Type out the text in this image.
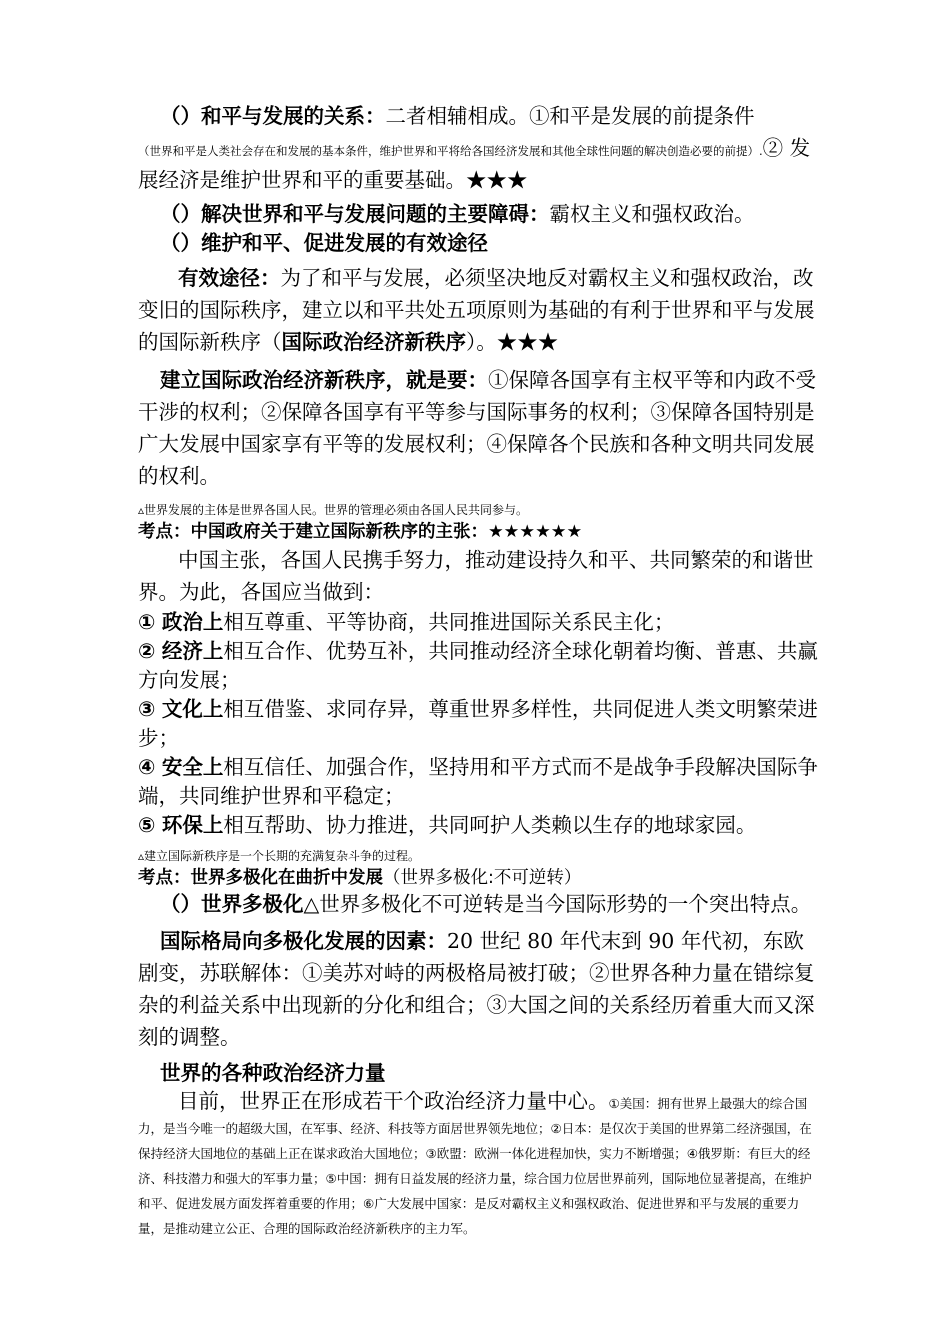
（）和平与发展的关系：二者相辅相成。①和平是发展的前提条件

（世界和平是人类社会存在和发展的基本条件，维护世界和平将给各国经济发展和其他全球性问题的解决创造必要的前提）.② 发展经济是维护世界和平的重要基础。★★★

（）解决世界和平与发展问题的主要障碍：霸权主义和强权政治。

（）维护和平、促进发展的有效途径

有效途径：为了和平与发展，必须坚决地反对霸权主义和强权政治，改变旧的国际秩序，建立以和平共处五项原则为基础的有利于世界和平与发展的国际新秩序（国际政治经济新秩序）。★★★

建立国际政治经济新秩序，就是要：①保障各国享有主权平等和内政不受干涉的权利；②保障各国享有平等参与国际事务的权利；③保障各国特别是广大发展中国家享有平等的发展权利；④保障各个民族和各种文明共同发展的权利。

▵世界发展的主体是世界各国人民。世界的管理必须由各国人民共同参与。

考点：中国政府关于建立国际新秩序的主张：★★★★★★

中国主张，各国人民携手努力，推动建设持久和平、共同繁荣的和谐世界。为此，各国应当做到：

① 政治上相互尊重、平等协商，共同推进国际关系民主化；

② 经济上相互合作、优势互补，共同推动经济全球化朝着均衡、普惠、共赢方向发展；

③ 文化上相互借鉴、求同存异，尊重世界多样性，共同促进人类文明繁荣进步；

④ 安全上相互信任、加强合作，坚持用和平方式而不是战争手段解决国际争端，共同维护世界和平稳定；

⑤ 环保上相互帮助、协力推进，共同呵护人类赖以生存的地球家园。

▵建立国际新秩序是一个长期的充满复杂斗争的过程。

考点：世界多极化在曲折中发展（世界多极化:不可逆转）

（）世界多极化△世界多极化不可逆转是当今国际形势的一个突出特点。

国际格局向多极化发展的因素：20 世纪 80 年代末到 90 年代初，东欧剧变，苏联解体：①美苏对峙的两极格局被打破；②世界各种力量在错综复杂的利益关系中出现新的分化和组合；③大国之间的关系经历着重大而又深刻的调整。

世界的各种政治经济力量

目前，世界正在形成若干个政治经济力量中心。①美国：拥有世界上最强大的综合国力，是当今唯一的超级大国，在军事、经济、科技等方面居世界领先地位；②日本：是仅次于美国的世界第二经济强国，在保持经济大国地位的基础上正在谋求政治大国地位；③欧盟：欧洲一体化进程加快，实力不断增强；④俄罗斯：有巨大的经济、科技潜力和强大的军事力量；⑤中国：拥有日益发展的经济力量，综合国力位居世界前列，国际地位显著提高，在维护和平、促进发展方面发挥着重要的作用；⑥广大发展中国家：是反对霸权主义和强权政治、促进世界和平与发展的重要力量，是推动建立公正、合理的国际政治经济新秩序的主力军。
